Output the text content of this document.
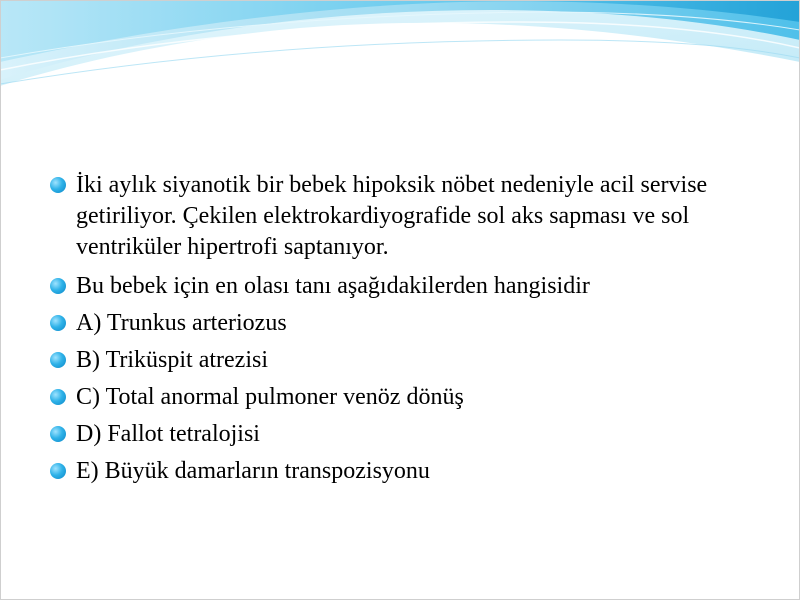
İki aylık siyanotik bir bebek hipoksik nöbet nedeniyle acil servise getiriliyor. Çekilen elektrokardiyografide sol aks sapması ve sol ventriküler hipertrofi saptanıyor.
Bu bebek için en olası tanı aşağıdakilerden hangisidir
A) Trunkus arteriozus
B) Triküspit atrezisi
C) Total anormal pulmoner venöz dönüş
D) Fallot tetralojisi
E) Büyük damarların transpozisyonu
